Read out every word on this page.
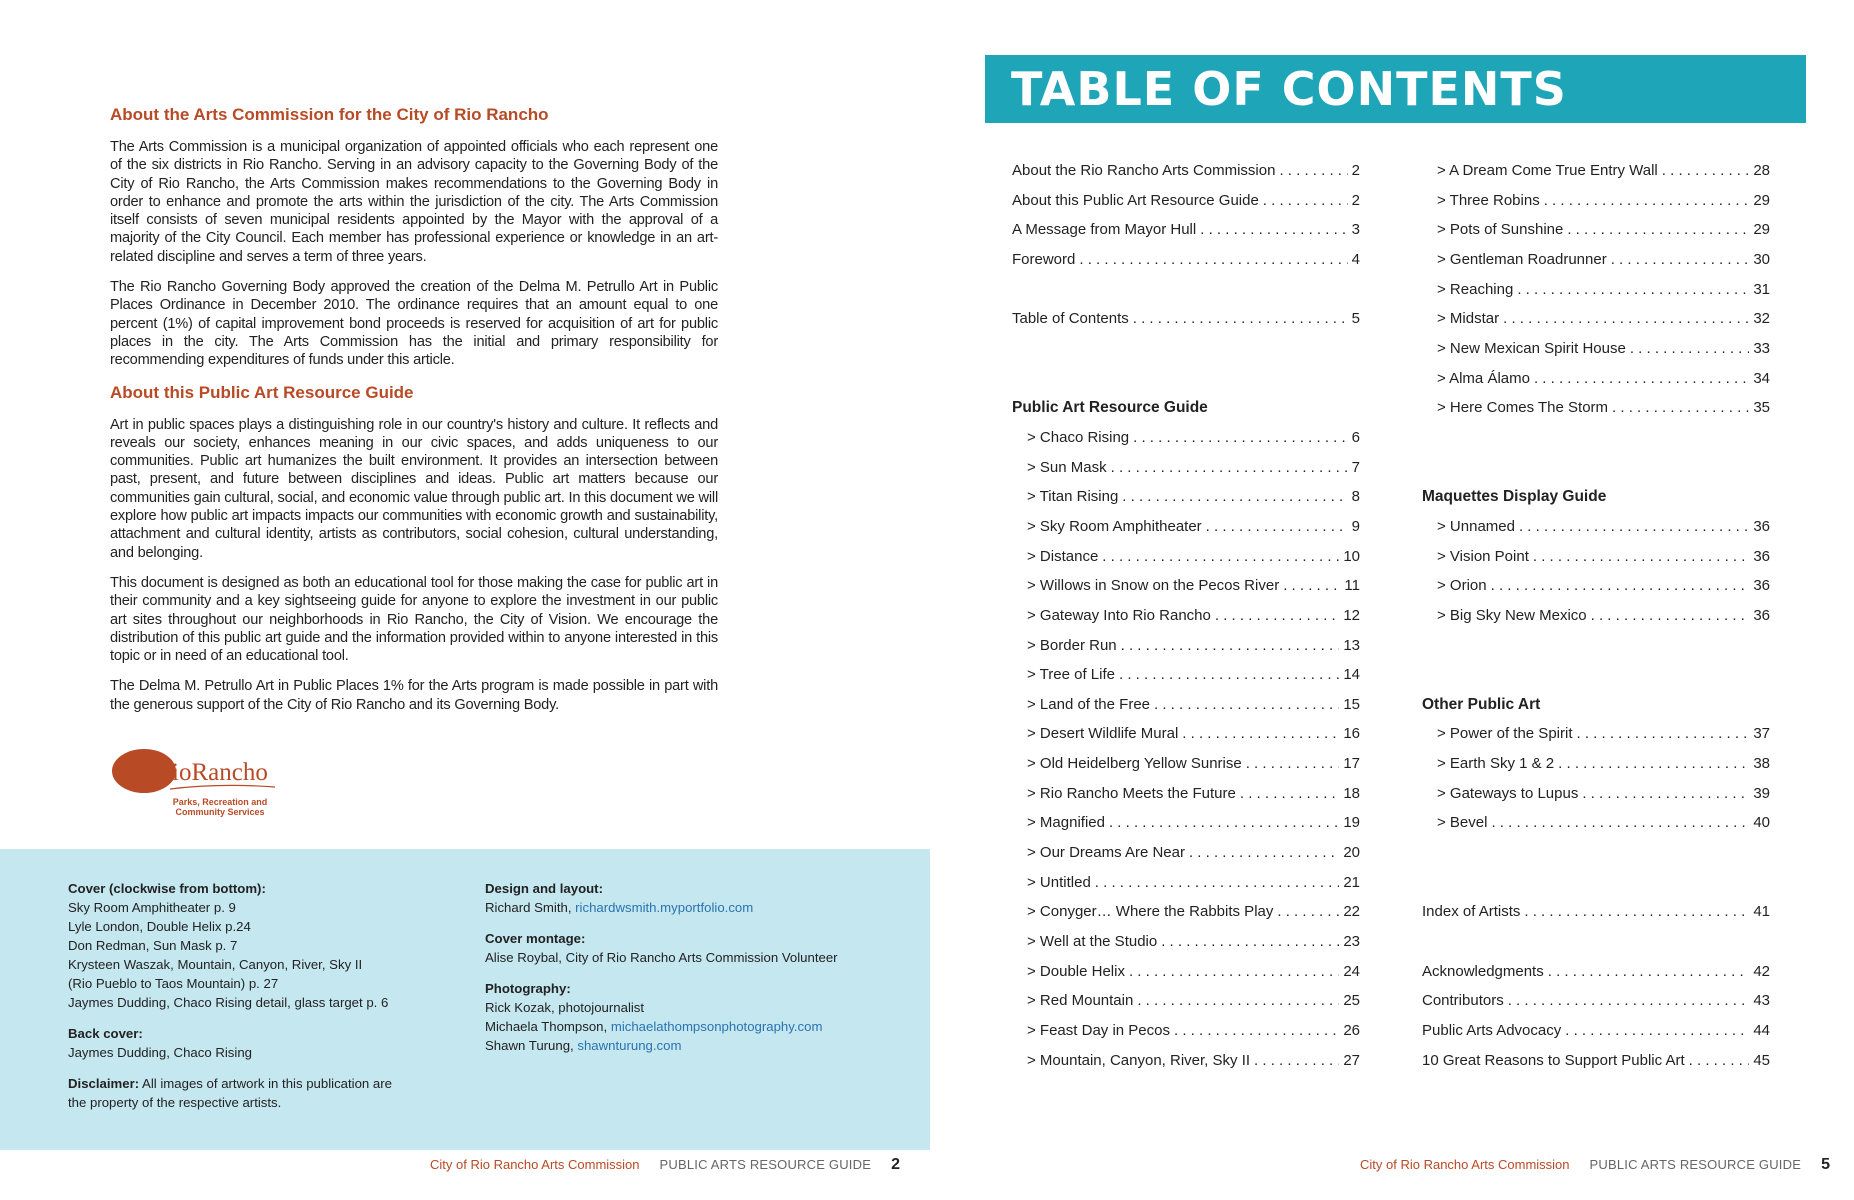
About the Arts Commission for the City of Rio Rancho

The Arts Commission is a municipal organization of appointed officials who each represent one of the six districts in Rio Rancho. Serving in an advisory capacity to the Governing Body of the City of Rio Rancho, the Arts Commission makes recommendations to the Governing Body in order to enhance and promote the arts within the jurisdiction of the city. The Arts Commission itself consists of seven municipal residents appointed by the Mayor with the approval of a majority of the City Council. Each member has professional experience or knowledge in an art-related discipline and serves a term of three years.

The Rio Rancho Governing Body approved the creation of the Delma M. Petrullo Art in Public Places Ordinance in December 2010. The ordinance requires that an amount equal to one percent (1%) of capital improvement bond proceeds is reserved for acquisition of art for public places in the city. The Arts Commission has the initial and primary responsibility for recommending expenditures of funds under this article.

About this Public Art Resource Guide

Art in public spaces plays a distinguishing role in our country's history and culture. It reflects and reveals our society, enhances meaning in our civic spaces, and adds uniqueness to our communities. Public art humanizes the built environment. It provides an intersection between past, present, and future between disciplines and ideas. Public art matters because our communities gain cultural, social, and economic value through public art. In this document we will explore how public art impacts impacts our communities with economic growth and sustainability, attachment and cultural identity, artists as contributors, social cohesion, cultural understanding, and belonging.

This document is designed as both an educational tool for those making the case for public art in their community and a key sightseeing guide for anyone to explore the investment in our public art sites throughout our neighborhoods in Rio Rancho, the City of Vision. We encourage the distribution of this public art guide and the information provided within to anyone interested in this topic or in need of an educational tool.

The Delma M. Petrullo Art in Public Places 1% for the Arts program is made possible in part with the generous support of the City of Rio Rancho and its Governing Body.

R ioRancho
Parks, Recreation and
Community Services
Cover (clockwise from bottom):
Sky Room Amphitheater p. 9
Lyle London, Double Helix p.24
Don Redman, Sun Mask p. 7
Krysteen Waszak, Mountain, Canyon, River, Sky II
(Rio Pueblo to Taos Mountain) p. 27
Jaymes Dudding, Chaco Rising detail, glass target p. 6
Back cover:
Jaymes Dudding, Chaco Rising
Disclaimer: All images of artwork in this publication are
the property of the respective artists.
Design and layout:
Richard Smith, richardwsmith.myportfolio.com
Cover montage:
Alise Roybal, City of Rio Rancho Arts Commission Volunteer
Photography:
Rick Kozak, photojournalist
Michaela Thompson, michaelathompsonphotography.com
Shawn Turung, shawnturung.com
City of Rio Rancho Arts Commission PUBLIC ARTS RESOURCE GUIDE 2
TABLE OF CONTENTS
About the Rio Rancho Arts Commission . . .	2
About this Public Art Resource Guide . . .	2
A Message from Mayor Hull . . .	3
Foreword . . .	4
Table of Contents . . .	5
Public Art Resource Guide
> Chaco Rising . . .	6
> Sun Mask . . .	7
> Titan Rising . . .	8
> Sky Room Amphitheater . . .	9
> Distance . . .	10
> Willows in Snow on the Pecos River . . .	11
> Gateway Into Rio Rancho . . .	12
> Border Run . . .	13
> Tree of Life . . .	14
> Land of the Free . . .	15
> Desert Wildlife Mural . . .	16
> Old Heidelberg Yellow Sunrise . . .	17
> Rio Rancho Meets the Future . . .	18
> Magnified . . .	19
> Our Dreams Are Near . . .	20
> Untitled . . .	21
> Conyger… Where the Rabbits Play . . .	22
> Well at the Studio . . .	23
> Double Helix . . .	24
> Red Mountain . . .	25
> Feast Day in Pecos . . .	26
> Mountain, Canyon, River, Sky II . . .	27
> A Dream Come True Entry Wall . . .	28
> Three Robins . . .	29
> Pots of Sunshine . . .	29
> Gentleman Roadrunner . . .	30
> Reaching . . .	31
> Midstar . . .	32
> New Mexican Spirit House . . .	33
> Alma Álamo . . .	34
> Here Comes The Storm . . .	35
Maquettes Display Guide
> Unnamed . . .	36
> Vision Point . . .	36
> Orion . . .	36
> Big Sky New Mexico . . .	36
Other Public Art
> Power of the Spirit . . .	37
> Earth Sky 1 & 2 . . .	38
> Gateways to Lupus . . .	39
> Bevel . . .	40
Index of Artists . . .	41
Acknowledgments . . .	42
Contributors . . .	43
Public Arts Advocacy . . .	44
10 Great Reasons to Support Public Art . . .	45
City of Rio Rancho Arts Commission PUBLIC ARTS RESOURCE GUIDE 5
